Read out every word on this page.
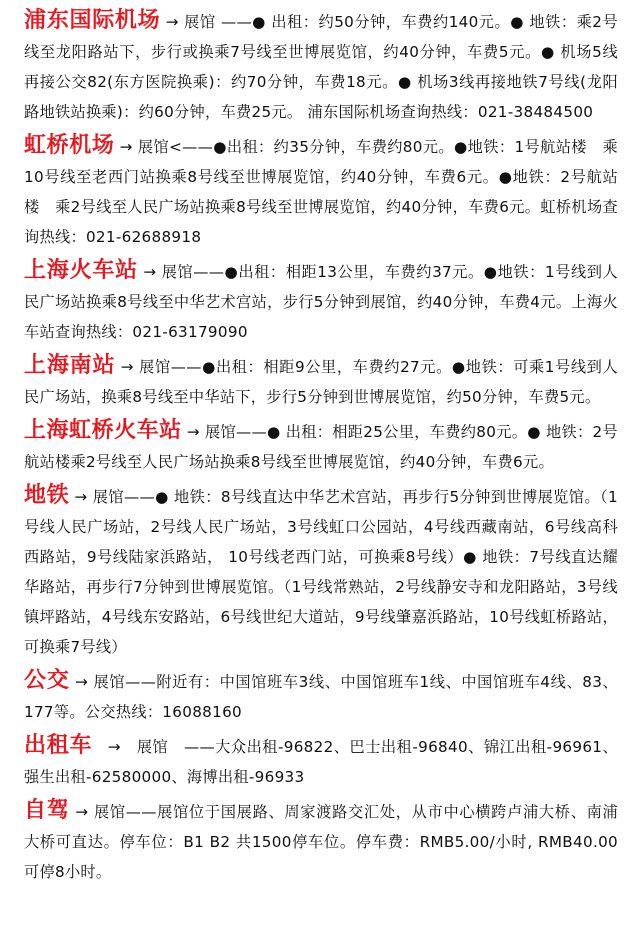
浦东国际机场 → 展馆 ——● 出租：约50分钟，车费约140元。● 地铁：乘2号线至龙阳路站下，步行或换乘7号线至世博展览馆，约40分钟，车费5元。● 机场5线再接公交82(东方医院换乘)：约70分钟，车费18元。● 机场3线再接地铁7号线(龙阳路地铁站换乘)：约60分钟，车费25元。 浦东国际机场查询热线：021-38484500

虹桥机场 → 展馆<——●出租：约35分钟，车费约80元。●地铁：1号航站楼　乘10号线至老西门站换乘8号线至世博展览馆，约40分钟，车费6元。●地铁：2号航站楼　乘2号线至人民广场站换乘8号线至世博展览馆，约40分钟，车费6元。虹桥机场查询热线：021-62688918

上海火车站 → 展馆——●出租：相距13公里，车费约37元。●地铁：1号线到人民广场站换乘8号线至中华艺术宫站，步行5分钟到展馆，约40分钟，车费4元。上海火车站查询热线：021-63179090

上海南站 → 展馆——●出租：相距9公里，车费约27元。●地铁：可乘1号线到人民广场站，换乘8号线至中华站下，步行5分钟到世博展览馆，约50分钟，车费5元。

上海虹桥火车站 → 展馆——● 出租：相距25公里，车费约80元。● 地铁：2号航站楼乘2号线至人民广场站换乘8号线至世博展览馆，约40分钟，车费6元。

地铁 → 展馆——● 地铁：8号线直达中华艺术宫站，再步行5分钟到世博展览馆。（1号线人民广场站，2号线人民广场站，3号线虹口公园站，4号线西藏南站，6号线高科西路站，9号线陆家浜路站， 10号线老西门站，可换乘8号线）● 地铁：7号线直达耀华路站，再步行7分钟到世博展览馆。（1号线常熟站，2号线静安寺和龙阳路站，3号线镇坪路站，4号线东安路站，6号线世纪大道站，9号线肇嘉浜路站，10号线虹桥路站，可换乘7号线）

公交 → 展馆——附近有：中国馆班车3线、中国馆班车1线、中国馆班车4线、83、177等。公交热线：16088160

出租车　→　展馆　——大众出租-96822、巴士出租-96840、锦江出租-96961、强生出租-62580000、海博出租-96933

自驾 → 展馆——展馆位于国展路、周家渡路交汇处，从市中心横跨卢浦大桥、南浦大桥可直达。停车位：B1 B2 共1500停车位。停车费：RMB5.00/小时, RMB40.00可停8小时。
